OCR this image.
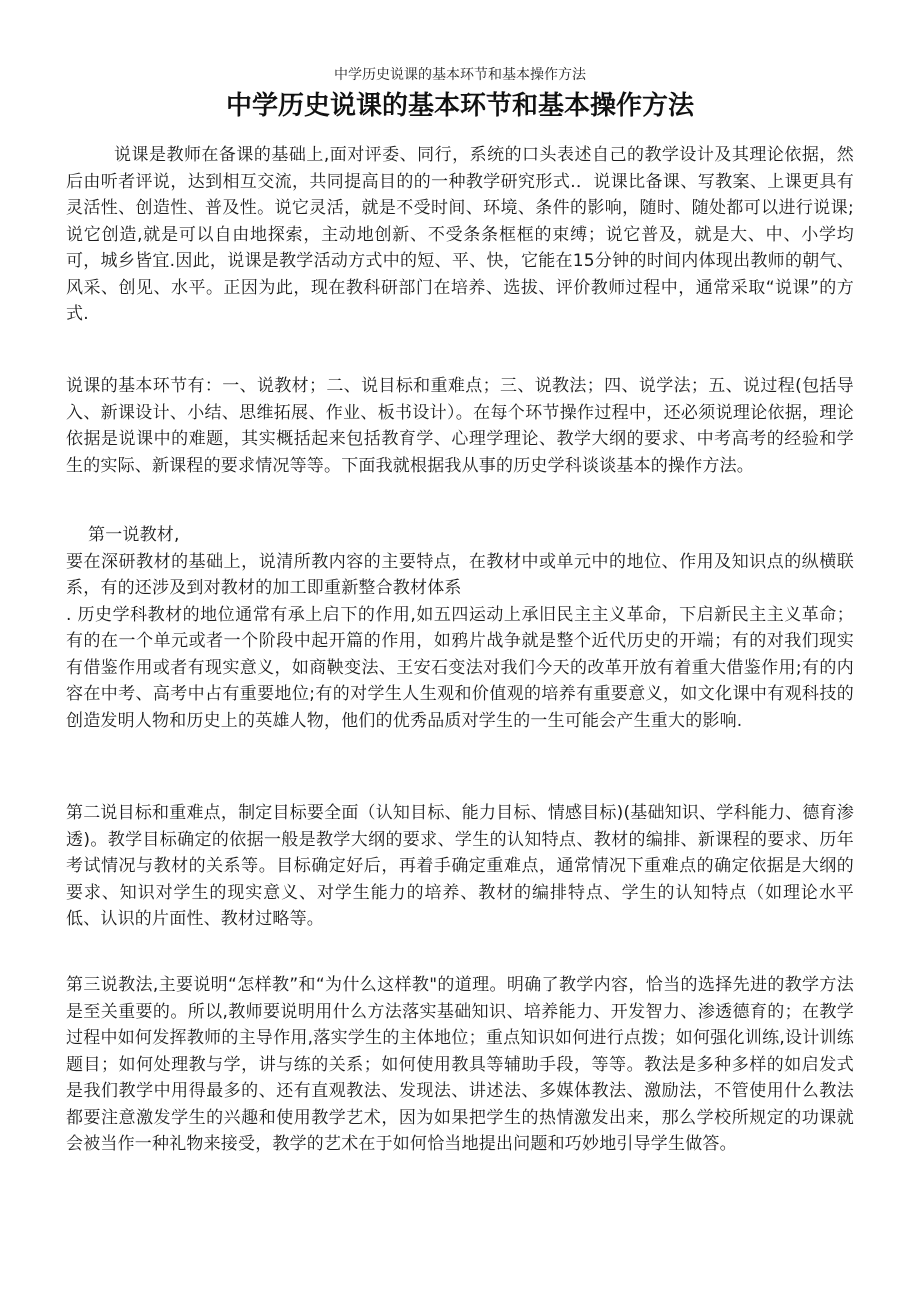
中学历史说课的基本环节和基本操作方法
中学历史说课的基本环节和基本操作方法

说课是教师在备课的基础上,面对评委、同行，系统的口头表述自己的教学设计及其理论依据，然后由听者评说，达到相互交流，共同提高目的的一种教学研究形式.．说课比备课、写教案、上课更具有灵活性、创造性、普及性。说它灵活，就是不受时间、环境、条件的影响，随时、随处都可以进行说课;说它创造,就是可以自由地探索，主动地创新、不受条条框框的束缚；说它普及，就是大、中、小学均可，城乡皆宜.因此，说课是教学活动方式中的短、平、快，它能在15分钟的时间内体现出教师的朝气、风采、创见、水平。正因为此，现在教科研部门在培养、选拔、评价教师过程中，通常采取“说课”的方式.

说课的基本环节有：一、说教材；二、说目标和重难点；三、说教法；四、说学法；五、说过程(包括导入、新课设计、小结、思维拓展、作业、板书设计）。在每个环节操作过程中，还必须说理论依据，理论依据是说课中的难题，其实概括起来包括教育学、心理学理论、教学大纲的要求、中考高考的经验和学生的实际、新课程的要求情况等等。下面我就根据我从事的历史学科谈谈基本的操作方法。

第一说教材,

要在深研教材的基础上，说清所教内容的主要特点，在教材中或单元中的地位、作用及知识点的纵横联系，有的还涉及到对教材的加工即重新整合教材体系

. 历史学科教材的地位通常有承上启下的作用,如五四运动上承旧民主主义革命，下启新民主主义革命；有的在一个单元或者一个阶段中起开篇的作用，如鸦片战争就是整个近代历史的开端；有的对我们现实有借鉴作用或者有现实意义，如商鞅变法、王安石变法对我们今天的改革开放有着重大借鉴作用;有的内容在中考、高考中占有重要地位;有的对学生人生观和价值观的培养有重要意义，如文化课中有观科技的创造发明人物和历史上的英雄人物，他们的优秀品质对学生的一生可能会产生重大的影响.

第二说目标和重难点，制定目标要全面（认知目标、能力目标、情感目标)(基础知识、学科能力、德育渗透)。教学目标确定的依据一般是教学大纲的要求、学生的认知特点、教材的编排、新课程的要求、历年考试情况与教材的关系等。目标确定好后，再着手确定重难点，通常情况下重难点的确定依据是大纲的要求、知识对学生的现实意义、对学生能力的培养、教材的编排特点、学生的认知特点（如理论水平低、认识的片面性、教材过略等。

第三说教法,主要说明“怎样教”和“为什么这样教"的道理。明确了教学内容，恰当的选择先进的教学方法是至关重要的。所以,教师要说明用什么方法落实基础知识、培养能力、开发智力、渗透德育的；在教学过程中如何发挥教师的主导作用,落实学生的主体地位；重点知识如何进行点拨；如何强化训练,设计训练题目；如何处理教与学，讲与练的关系；如何使用教具等辅助手段，等等。教法是多种多样的如启发式是我们教学中用得最多的、还有直观教法、发现法、讲述法、多媒体教法、激励法，不管使用什么教法都要注意激发学生的兴趣和使用教学艺术，因为如果把学生的热情激发出来，那么学校所规定的功课就会被当作一种礼物来接受，教学的艺术在于如何恰当地提出问题和巧妙地引导学生做答。
